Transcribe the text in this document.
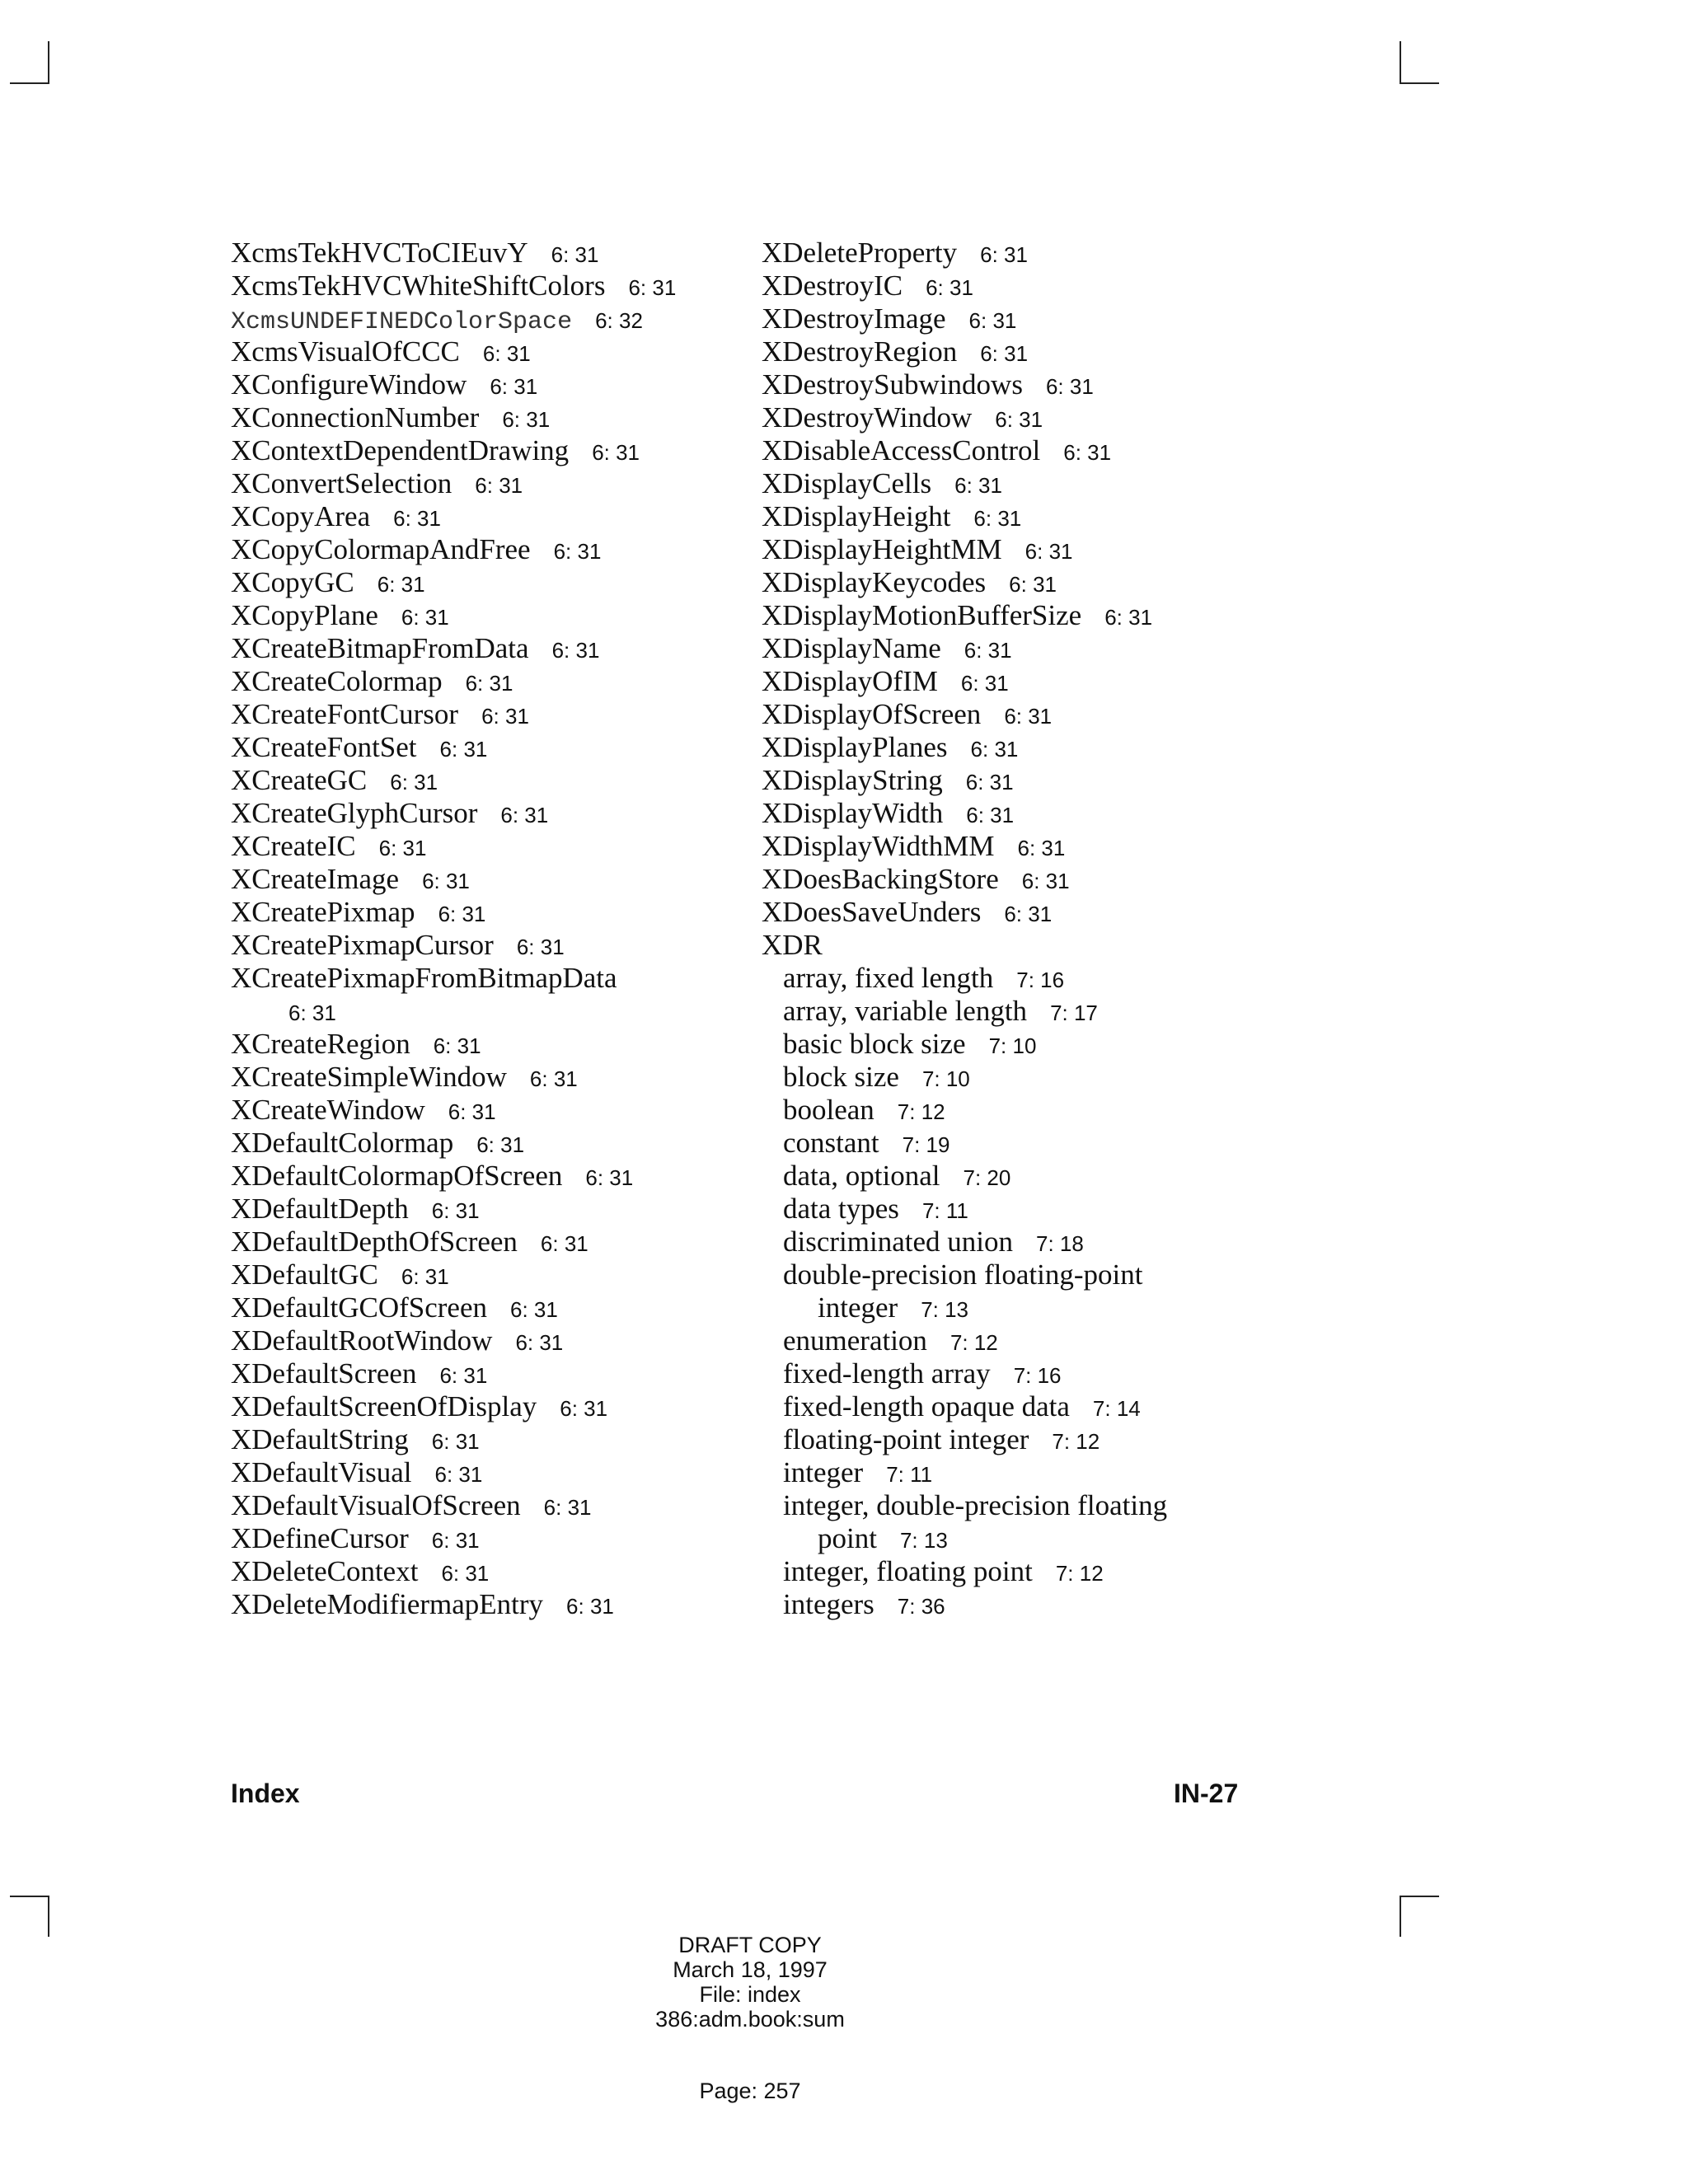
XcmsTekHVCToCIEuvY 6: 31
XcmsTekHVCWhiteShiftColors 6: 31
XcmsUNDEFINEDColorSpace 6: 32
XcmsVisualOfCCC 6: 31
XConfigureWindow 6: 31
XConnectionNumber 6: 31
XContextDependentDrawing 6: 31
XConvertSelection 6: 31
XCopyArea 6: 31
XCopyColormapAndFree 6: 31
XCopyGC 6: 31
XCopyPlane 6: 31
XCreateBitmapFromData 6: 31
XCreateColormap 6: 31
XCreateFontCursor 6: 31
XCreateFontSet 6: 31
XCreateGC 6: 31
XCreateGlyphCursor 6: 31
XCreateIC 6: 31
XCreateImage 6: 31
XCreatePixmap 6: 31
XCreatePixmapCursor 6: 31
XCreatePixmapFromBitmapData
6: 31
XCreateRegion 6: 31
XCreateSimpleWindow 6: 31
XCreateWindow 6: 31
XDefaultColormap 6: 31
XDefaultColormapOfScreen 6: 31
XDefaultDepth 6: 31
XDefaultDepthOfScreen 6: 31
XDefaultGC 6: 31
XDefaultGCOfScreen 6: 31
XDefaultRootWindow 6: 31
XDefaultScreen 6: 31
XDefaultScreenOfDisplay 6: 31
XDefaultString 6: 31
XDefaultVisual 6: 31
XDefaultVisualOfScreen 6: 31
XDefineCursor 6: 31
XDeleteContext 6: 31
XDeleteModifiermapEntry 6: 31
XDeleteProperty 6: 31
XDestroyIC 6: 31
XDestroyImage 6: 31
XDestroyRegion 6: 31
XDestroySubwindows 6: 31
XDestroyWindow 6: 31
XDisableAccessControl 6: 31
XDisplayCells 6: 31
XDisplayHeight 6: 31
XDisplayHeightMM 6: 31
XDisplayKeycodes 6: 31
XDisplayMotionBufferSize 6: 31
XDisplayName 6: 31
XDisplayOfIM 6: 31
XDisplayOfScreen 6: 31
XDisplayPlanes 6: 31
XDisplayString 6: 31
XDisplayWidth 6: 31
XDisplayWidthMM 6: 31
XDoesBackingStore 6: 31
XDoesSaveUnders 6: 31
XDR
array, fixed length 7: 16
array, variable length 7: 17
basic block size 7: 10
block size 7: 10
boolean 7: 12
constant 7: 19
data, optional 7: 20
data types 7: 11
discriminated union 7: 18
double-precision floating-point
integer 7: 13
enumeration 7: 12
fixed-length array 7: 16
fixed-length opaque data 7: 14
floating-point integer 7: 12
integer 7: 11
integer, double-precision floating
point 7: 13
integer, floating point 7: 12
integers 7: 36
Index	IN-27
DRAFT COPY
March 18, 1997
File: index
386:adm.book:sum
Page: 257
